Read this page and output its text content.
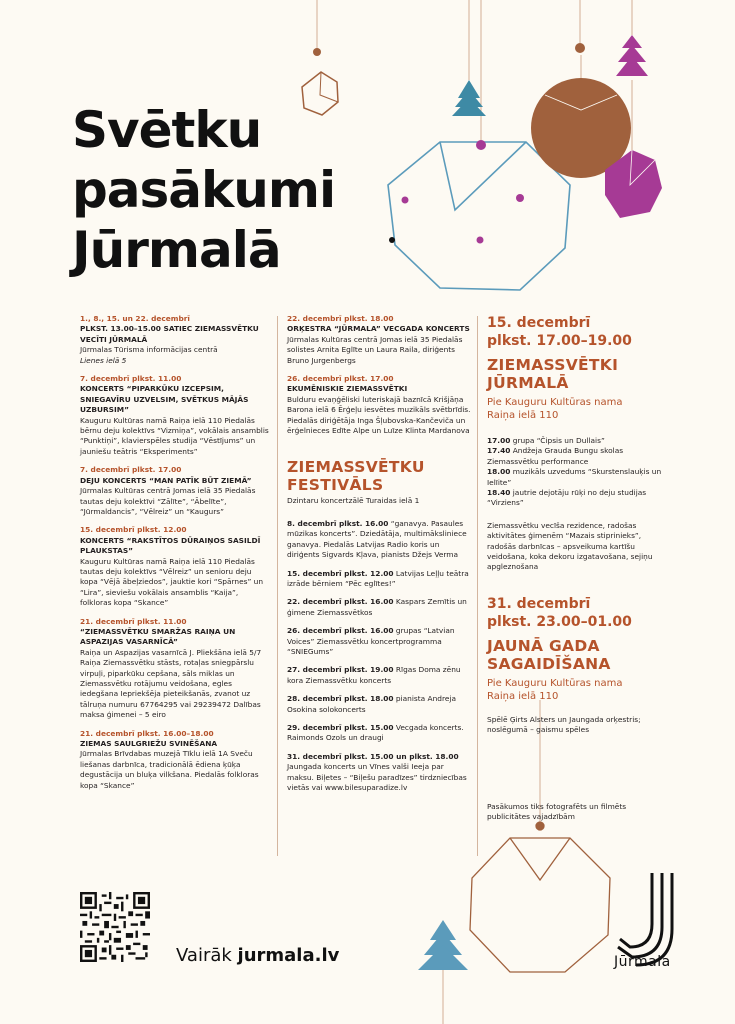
Svētku
pasākumi
Jūrmalā
1., 8., 15. un 22. decembrī
PLKST. 13.00–15.00 SATIEC ZIEMASSVĒTKU VECĪTI JŪRMALĀ
Jūrmalas Tūrisma informācijas centrā
Lienes ielā 5
7. decembrī plkst. 11.00
KONCERTS “PIPARKŪKU IZCEPSIM, SNIEGAVĪRU UZVELSIM, SVĒTKUS MĀJĀS UZBURSIM”
Kauguru Kultūras namā Raiņa ielā 110 Piedalās bērnu deju kolektīvs “Vizmiņa”, vokālais ansamblis “Punktiņi”, klavierspēles studija “Vēstījums” un jauniešu teātris “Eksperiments”
7. decembrī plkst. 17.00
DEJU KONCERTS “MAN PATĪK BŪT ZIEMĀ”
Jūrmalas Kultūras centrā Jomas ielā 35 Piedalās tautas deju kolektīvi “Zālīte”, “Ābelīte”, “Jūrmaldancis”, “Vēlreiz” un “Kaugurs”
15. decembrī plkst. 12.00
KONCERTS “RAKSTĪTOS DŪRAIŅOS SASILDĪ PLAUKSTAS”
Kauguru Kultūras namā Raiņa ielā 110 Piedalās tautas deju kolektīvs “Vēlreiz” un senioru deju kopa “Vējā ābeļziedos”, jauktie kori “Spārnes” un “Lira”, sieviešu vokālais ansamblis “Kaija”, folkloras kopa “Skance”
21. decembrī plkst. 11.00
“ZIEMASSVĒTKU SMARŽAS RAIŅA UN ASPAZIJAS VASARNĪCĀ”
Raiņa un Aspazijas vasarnīcā J. Pliekšāna ielā 5/7 Raiņa Ziemassvētku stāsts, rotaļas sniegpārslu virpuļi, piparkūku cepšana, sāls miklas un Ziemassvētku rotājumu veidošana, egles iedegšana Iepriekšēja pieteikšanās, zvanot uz tālruņa numuru 67764295 vai 29239472 Dalības maksa ģimenei – 5 eiro
21. decembrī plkst. 16.00–18.00
ZIEMAS SAULGRIEŽU SVINĒŠANA
Jūrmalas Brīvdabas muzejā Tīklu ielā 1A Sveču liešanas darbnīca, tradicionālā ēdiena ķūķa degustācija un bluķa vilkšana. Piedalās folkloras kopa “Skance”
22. decembrī plkst. 18.00
ORĶESTRA “JŪRMALA” VECGADA KONCERTS
Jūrmalas Kultūras centrā Jomas ielā 35 Piedalās solistes Arnita Eglīte un Laura Raila, diriģents Bruno Jurgenbergs
26. decembrī plkst. 17.00
EKUMĒNISKIE ZIEMASSVĒTKI
Bulduru evaņģēliski luteriskajā baznīcā Krišjāņa Barona ielā 6 Ērģeļu iesvētes muzikāls svētbrīdis. Piedalās diriģētāja Inga Šļubovska-Kančeviča un ērģelnieces Edīte Alpe un Luīze Klinta Mardanova
ZIEMASSVĒTKU
FESTIVĀLS
Dzintaru koncertzālē Turaidas ielā 1
8. decembrī plkst. 16.00 “ganavya. Pasaules mūzikas koncerts”. Dziedātāja, multimākslinieсe ganavya. Piedalās Latvijas Radio koris un diriģents Sigvards Kļava, pianists Džejs Verma
15. decembrī plkst. 12.00 Latvijas Leļļu teātra izrāde bērniem “Pēc eglītes!”
22. decembrī plkst. 16.00 Kaspars Zemītis un ģimene Ziemassvētkos
26. decembrī plkst. 16.00 grupas “Latvian Voices” Ziemassvētku koncertprogramma “SNIEGums”
27. decembrī plkst. 19.00 Rīgas Doma zēnu kora Ziemassvētku koncerts
28. decembrī plkst. 18.00 pianista Andreja Osokina solokoncerts
29. decembrī plkst. 15.00 Vecgada koncerts. Raimonds Ozols un draugi
31. decembrī plkst. 15.00 un plkst. 18.00 Jaungada koncerts un Vīnes valši Ieeja par maksu. Biļetes – “Biļešu paradīzes” tirdzniecības vietās vai www.bilesuparadize.lv
15. decembrī
plkst. 17.00–19.00
ZIEMASSVĒTKI
JŪRMALĀ
Pie Kauguru Kultūras nama
Raiņa ielā 110
17.00 grupa “Čipsis un Dullais”
17.40 Andžeja Grauda Bungu skolas Ziemassvētku performance
18.00 muzikāls uzvedums “Skurstenslauķis un Ielīite”
18.40 jautrie dejotāju rūķi no deju studijas “Virziens”
Ziemassvētku vecīša rezidence, radošas aktivitātes ģimenēm “Mazais stiprinieks”, radošās darbnīcas – apsveikuma kartīšu veidošana, koka dekoru izgatavošana, sejiņu apgleznošana
31. decembrī
plkst. 23.00–01.00
JAUNĀ GADA
SAGAIDĪŠANA
Pie Kauguru Kultūras nama
Raiņa ielā 110
Spēlē Ģirts Alsters un Jaungada orķestris; noslēgumā – gaismu spēles
Pasākumos tiks fotografēts un filmēts publicitātes vajadzībām
Vairāk jurmala.lv	Jūrmala
